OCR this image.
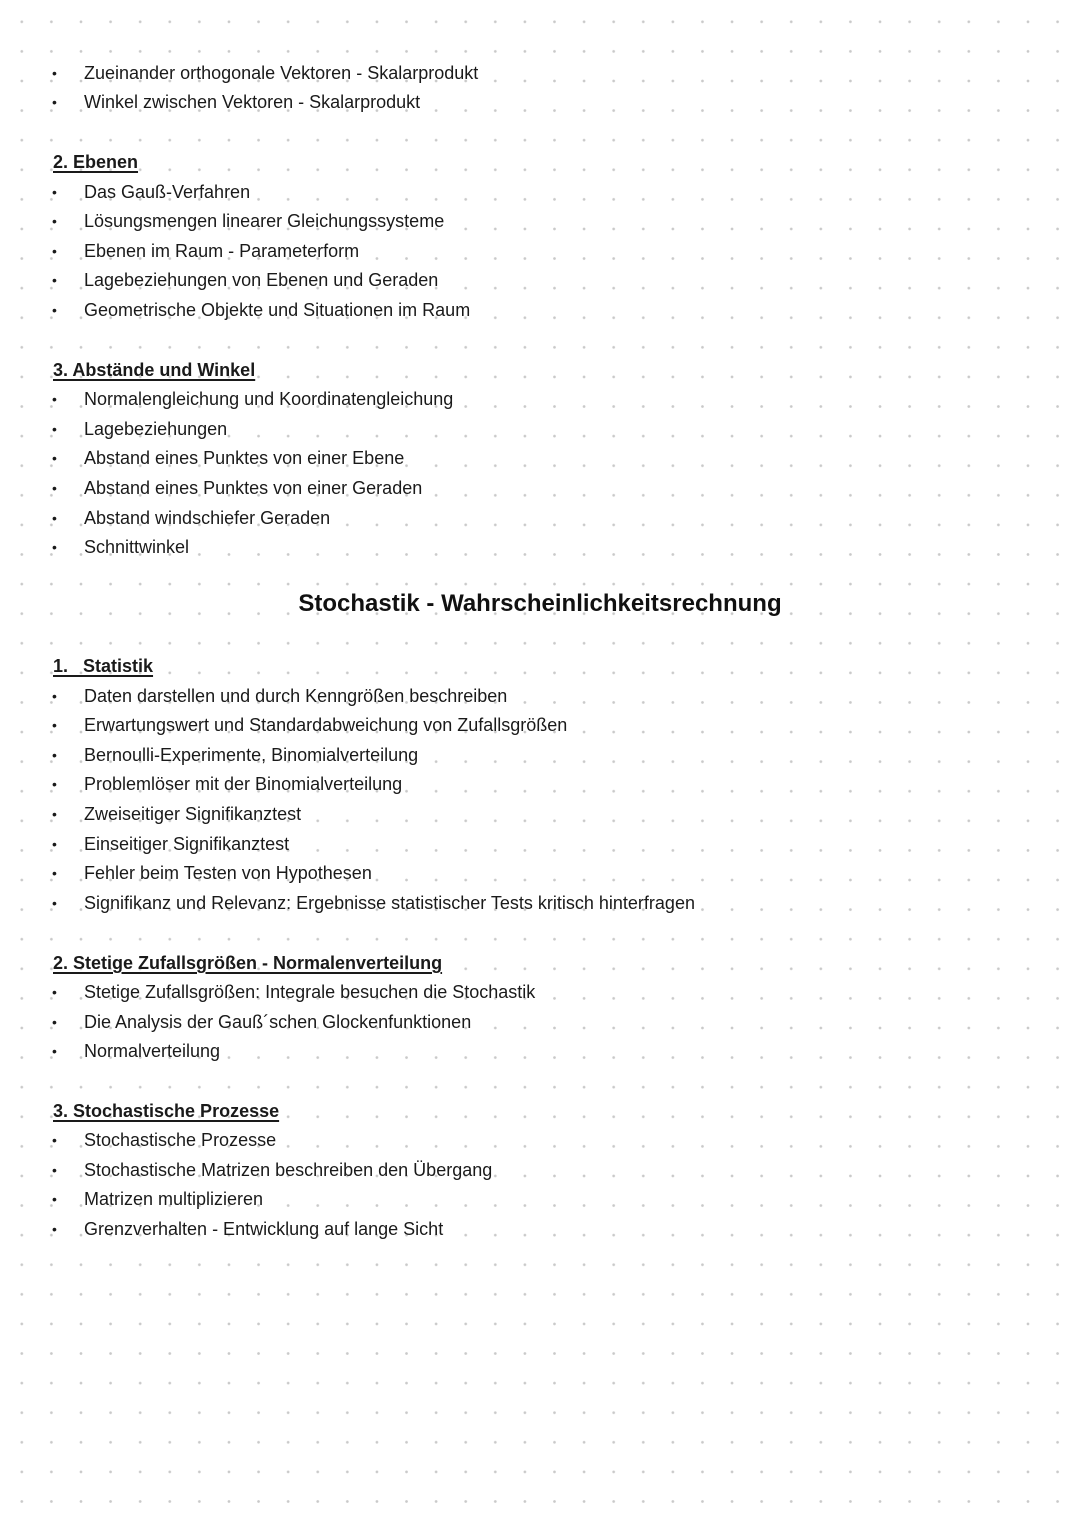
• Zueinander orthogonale Vektoren - Skalarprodukt
• Winkel zwischen Vektoren - Skalarprodukt
2. Ebenen
• Das Gauß-Verfahren
• Lösungsmengen linearer Gleichungssysteme
• Ebenen im Raum - Parameterform
• Lagebeziehungen von Ebenen und Geraden
• Geometrische Objekte und Situationen im Raum
3. Abstände und Winkel
• Normalengleichung und Koordinatengleichung
• Lagebeziehungen
• Abstand eines Punktes von einer Ebene
• Abstand eines Punktes von einer Geraden
• Abstand windschiefer Geraden
• Schnittwinkel
Stochastik - Wahrscheinlichkeitsrechnung
1.   Statistik
• Daten darstellen und durch Kenngrößen beschreiben
• Erwartungswert und Standardabweichung von Zufallsgrößen
• Bernoulli-Experimente, Binomialverteilung
• Problemlöser mit der Binomialverteilung
• Zweiseitiger Signifikanztest
• Einseitiger Signifikanztest
• Fehler beim Testen von Hypothesen
• Signifikanz und Relevanz: Ergebnisse statistischer Tests kritisch hinterfragen
2. Stetige Zufallsgrößen - Normalenverteilung
• Stetige Zufallsgrößen: Integrale besuchen die Stochastik
• Die Analysis der Gauß´schen Glockenfunktionen
• Normalverteilung
3. Stochastische Prozesse
• Stochastische Prozesse
• Stochastische Matrizen beschreiben den Übergang
• Matrizen multiplizieren
• Grenzverhalten - Entwicklung auf lange Sicht
